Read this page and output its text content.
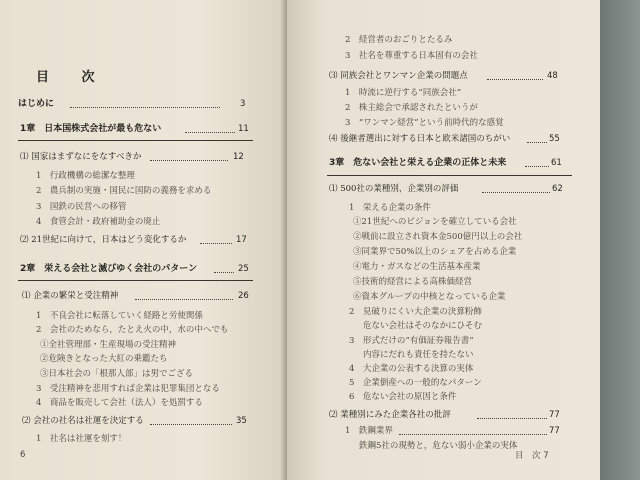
目 次
はじめに	3
1章　日本国株式会社が最も危ない	11
⑴ 国家はまずなにをなすべきか	12
1　行政機構の総潔な整理
2　農兵制の実施・国民に国防の義務を求める
3　国鉄の民営への移管
4　食管会計・政府補助金の廃止
⑵ 21世紀に向けて，日本はどう変化するか	17
2章　栄える会社と滅びゆく会社のパターン	25
⑴ 企業の繁栄と受注精神	26
1　不良会社に転落していく経路と労使関係
2　会社のためなら，たとえ火の中，水の中へでも
①全社管理部・生産現場の受注精神
②危険きとなった大紅の乗鑑たち
③日本社会の「根那人部」は男でござる
3　受注精神を悲用すれば企業は犯罪集団となる
4　商品を販売して会社（法人）を処罰する
⑵ 会社の社名は社運を決定する	35
1　社名は社運を刻す！
6
2　経営者のおごりとたるみ
3　社名を尊重する日本固有の会社
⑶ 同族会社とワンマン企業の問題点	48
1　時流に逆行する“同族会社”
2　株主総会で承認されたというが
3　“ワンマン経営”という前時代的な感覚
⑷ 後継者選出に対する日本と欧米諸国のちがい	55
3章　危ない会社と栄える企業の正体と未来	61
⑴ 500社の業種別，企業別の評価	62
1　栄える企業の条件
①21世紀へのビジョンを確立している会社
②戦前に設立され資本金500億円以上の会社
③同業界で50%以上のシェアを占める企業
④電力・ガスなどの生活基本産業
⑤技術的経営による高株価経営
⑥資本グループの中核となっている企業
2　見破りにくい大企業の決算粉飾
危ない会社はそのなかにひそむ
3　形式だけの“有価証券報告書”
内容にだれも責任を持たない
4　大企業の公表する決算の実体
5　企業倒産への一般的なパターン
6　危ない会社の原因と条件
⑵ 業種別にみた企業各社の批評	77
1　鉄鋼業界	77
鉄鋼5社の現勢と，危ない弱小企業の実体
目　次 7
